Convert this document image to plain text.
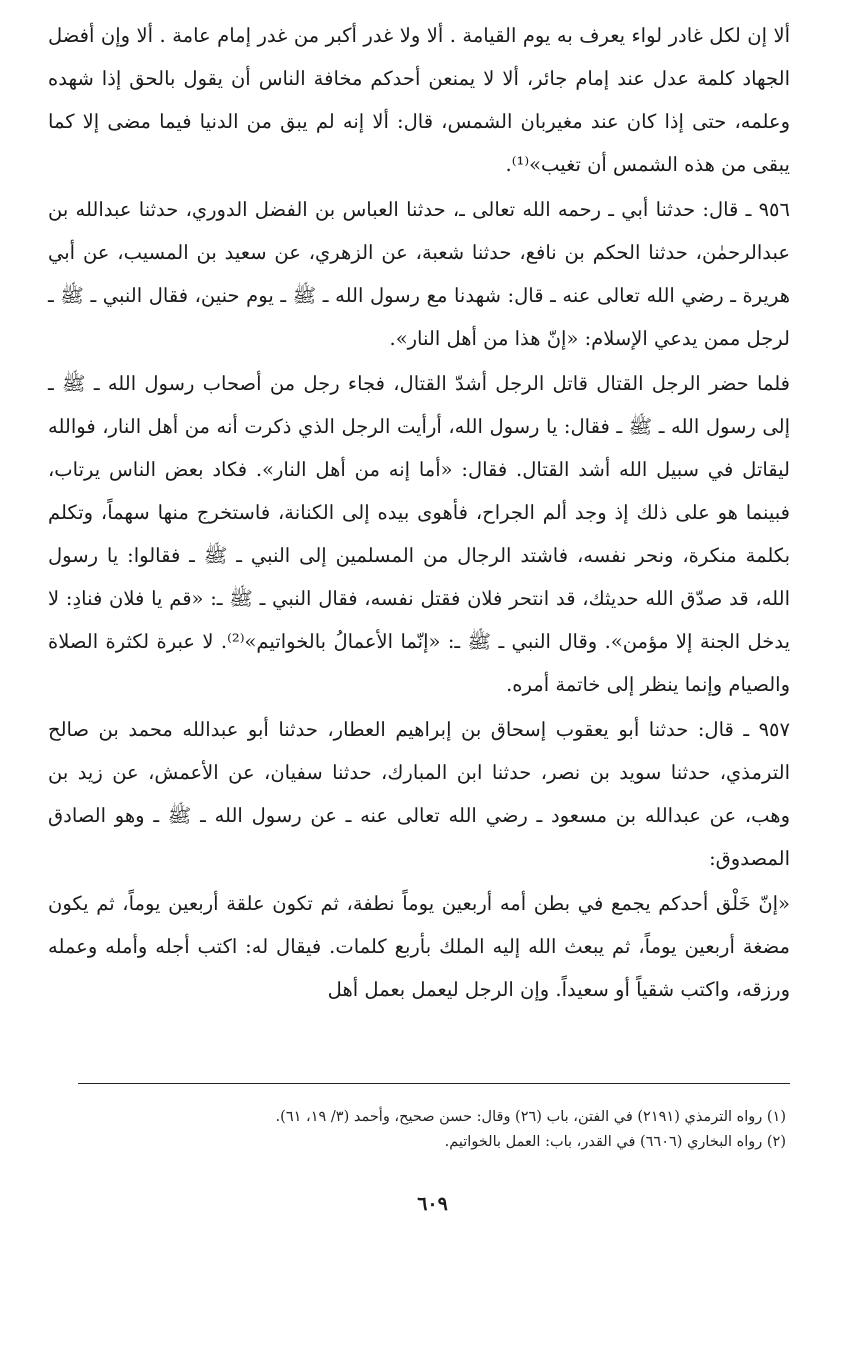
ألا إن لكل غادر لواء يعرف به يوم القيامة . ألا ولا غدر أكبر من غدر إمام عامة . ألا وإن أفضل الجهاد كلمة عدل عند إمام جائر، ألا لا يمنعن أحدكم مخافة الناس أن يقول بالحق إذا شهده وعلمه، حتى إذا كان عند مغيربان الشمس، قال: ألا إنه لم يبق من الدنيا فيما مضى إلا كما يبقى من هذه الشمس أن تغيب»⁽¹⁾.

٩٥٦ ـ قال: حدثنا أبي ـ رحمه الله تعالى ـ، حدثنا العباس بن الفضل الدوري، حدثنا عبدالله بن عبدالرحمٰن، حدثنا الحكم بن نافع، حدثنا شعبة، عن الزهري، عن سعيد بن المسيب، عن أبي هريرة ـ رضي الله تعالى عنه ـ قال: شهدنا مع رسول الله ـ ﷺ ـ يوم حنين، فقال النبي ـ ﷺ ـ لرجل ممن يدعي الإسلام: «إنّ هذا من أهل النار».

فلما حضر الرجل القتال قاتل الرجل أشدّ القتال، فجاء رجل من أصحاب رسول الله ـ ﷺ ـ إلى رسول الله ـ ﷺ ـ فقال: يا رسول الله، أرأيت الرجل الذي ذكرت أنه من أهل النار، فوالله ليقاتل في سبيل الله أشد القتال. فقال: «أما إنه من أهل النار». فكاد بعض الناس يرتاب، فبينما هو على ذلك إذ وجد ألم الجراح، فأهوى بيده إلى الكنانة، فاستخرج منها سهماً، وتكلم بكلمة منكرة، ونحر نفسه، فاشتد الرجال من المسلمين إلى النبي ـ ﷺ ـ فقالوا: يا رسول الله، قد صدّق الله حديثك، قد انتحر فلان فقتل نفسه، فقال النبي ـ ﷺ ـ: «قم يا فلان فنادِ: لا يدخل الجنة إلا مؤمن». وقال النبي ـ ﷺ ـ: «إنّما الأعمالُ بالخواتيم»⁽²⁾. لا عبرة لكثرة الصلاة والصيام وإنما ينظر إلى خاتمة أمره.

٩٥٧ ـ قال: حدثنا أبو يعقوب إسحاق بن إبراهيم العطار، حدثنا أبو عبدالله محمد بن صالح الترمذي، حدثنا سويد بن نصر، حدثنا ابن المبارك، حدثنا سفيان، عن الأعمش، عن زيد بن وهب، عن عبدالله بن مسعود ـ رضي الله تعالى عنه ـ عن رسول الله ـ ﷺ ـ وهو الصادق المصدوق:

«إنّ خَلْق أحدكم يجمع في بطن أمه أربعين يوماً نطفة، ثم تكون علقة أربعين يوماً، ثم يكون مضغة أربعين يوماً، ثم يبعث الله إليه الملك بأربع كلمات. فيقال له: اكتب أجله وأمله وعمله ورزقه، واكتب شقياً أو سعيداً. وإن الرجل ليعمل بعمل أهل

(١) رواه الترمذي (٢١٩١) في الفتن، باب (٢٦) وقال: حسن صحيح، وأحمد (٣/ ١٩، ٦١).

(٢) رواه البخاري (٦٦٠٦) في القدر، باب: العمل بالخواتيم.

٦٠٩
